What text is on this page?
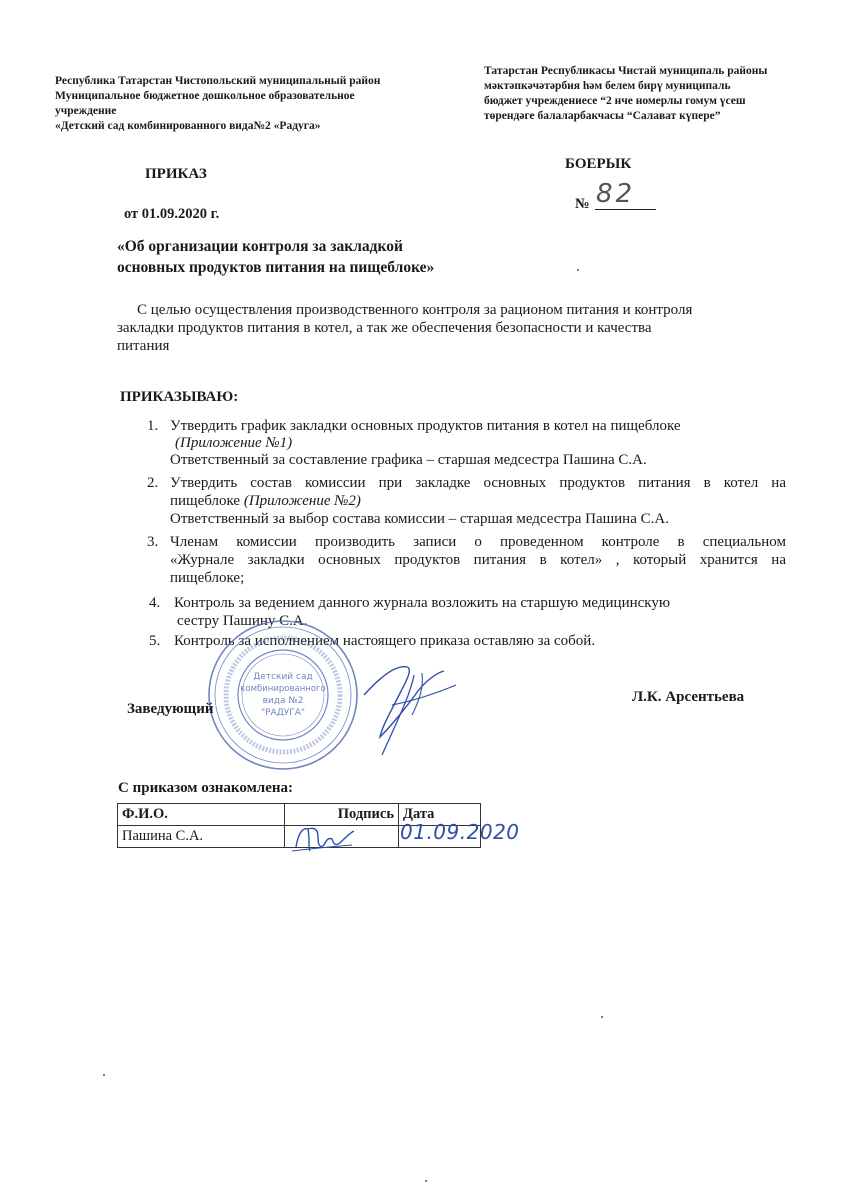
Республика Татарстан Чистопольский муниципальный район
Муниципальное бюджетное дошкольное образовательное
учреждение
«Детский сад комбинированного вида№2 «Радуга»
Татарстан Республикасы Чистай муниципаль районы
мәктәпкәчәтәрбия һәм белем бирү муниципаль
бюджет учреждениесе “2 нче номерлы гомум үсеш
төрендәге балаларбакчасы “Салават күпере”
ПРИКАЗ
БОЕРЫК
от 01.09.2020 г.
№ 82
«Об организации контроля за закладкой
основных продуктов питания на пищеблоке»
С целью осуществления производственного контроля за рационом питания и контроля
закладки продуктов питания в котел, а так же обеспечения безопасности и качества
питания
ПРИКАЗЫВАЮ:
1. Утвердить график закладки основных продуктов питания в котел на пищеблоке
(Приложение №1)
Ответственный за составление графика – старшая медсестра Пашина С.А.
2. Утвердить состав комиссии при закладке основных продуктов питания в котел на
пищеблоке (Приложение №2)
Ответственный за выбор состава комиссии – старшая медсестра Пашина С.А.
3. Членам комиссии производить записи о проведенном контроле в специальном
«Журнале закладки основных продуктов питания в котел» , который хранится на
пищеблоке;
4. Контроль за ведением данного журнала возложить на старшую медицинскую
сестру Пашину С.А.
5. Контроль за исполнением настоящего приказа оставляю за собой.
Детский сад
комбинированного
вида №2
"РАДУГА"
Заведующий
Л.К. Арсентьева
С приказом ознакомлена:
Ф.И.О.	Подпись	Дата
Пашина С.А.			01.09.2020
